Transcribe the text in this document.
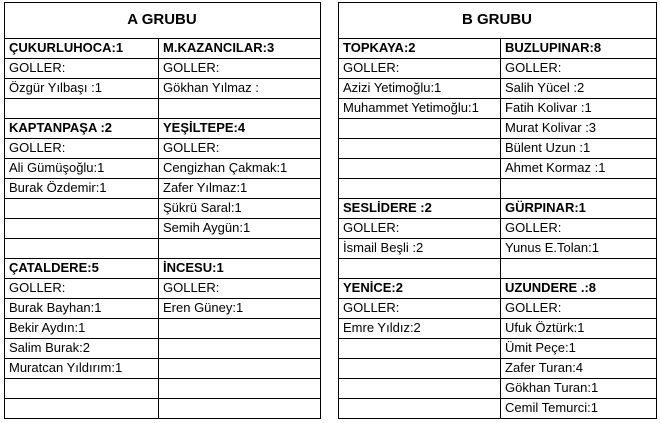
A GRUBU
ÇUKURLUHOCA:1
GOLLER:
Özgür Yılbaşı :1
KAPTANPAŞA :2
GOLLER:
Ali Gümüşoğlu:1
Burak Özdemir:1
ÇATALDERE:5
GOLLER:
Burak Bayhan:1
Bekir Aydın:1
Salim Burak:2
Muratcan Yıldırım:1
M.KAZANCILAR:3
GOLLER:
Gökhan Yılmaz :
YEŞİLTEPE:4
GOLLER:
Cengizhan Çakmak:1
Zafer Yılmaz:1
Şükrü Saral:1
Semih Aygün:1
İNCESU:1
GOLLER:
Eren Güney:1
B GRUBU
TOPKAYA:2
GOLLER:
Azizi Yetimoğlu:1
Muhammet Yetimoğlu:1
SESLİDERE :2
GOLLER:
İsmail Beşli :2
YENİCE:2
GOLLER:
Emre Yıldız:2
BUZLUPINAR:8
GOLLER:
Salih Yücel :2
Fatih Kolivar :1
Murat Kolivar :3
Bülent Uzun :1
Ahmet Kormaz :1
GÜRPINAR:1
GOLLER:
Yunus E.Tolan:1
UZUNDERE .:8
GOLLER:
Ufuk Öztürk:1
Ümit Peçe:1
Zafer Turan:4
Gökhan Turan:1
Cemil Temurci:1
